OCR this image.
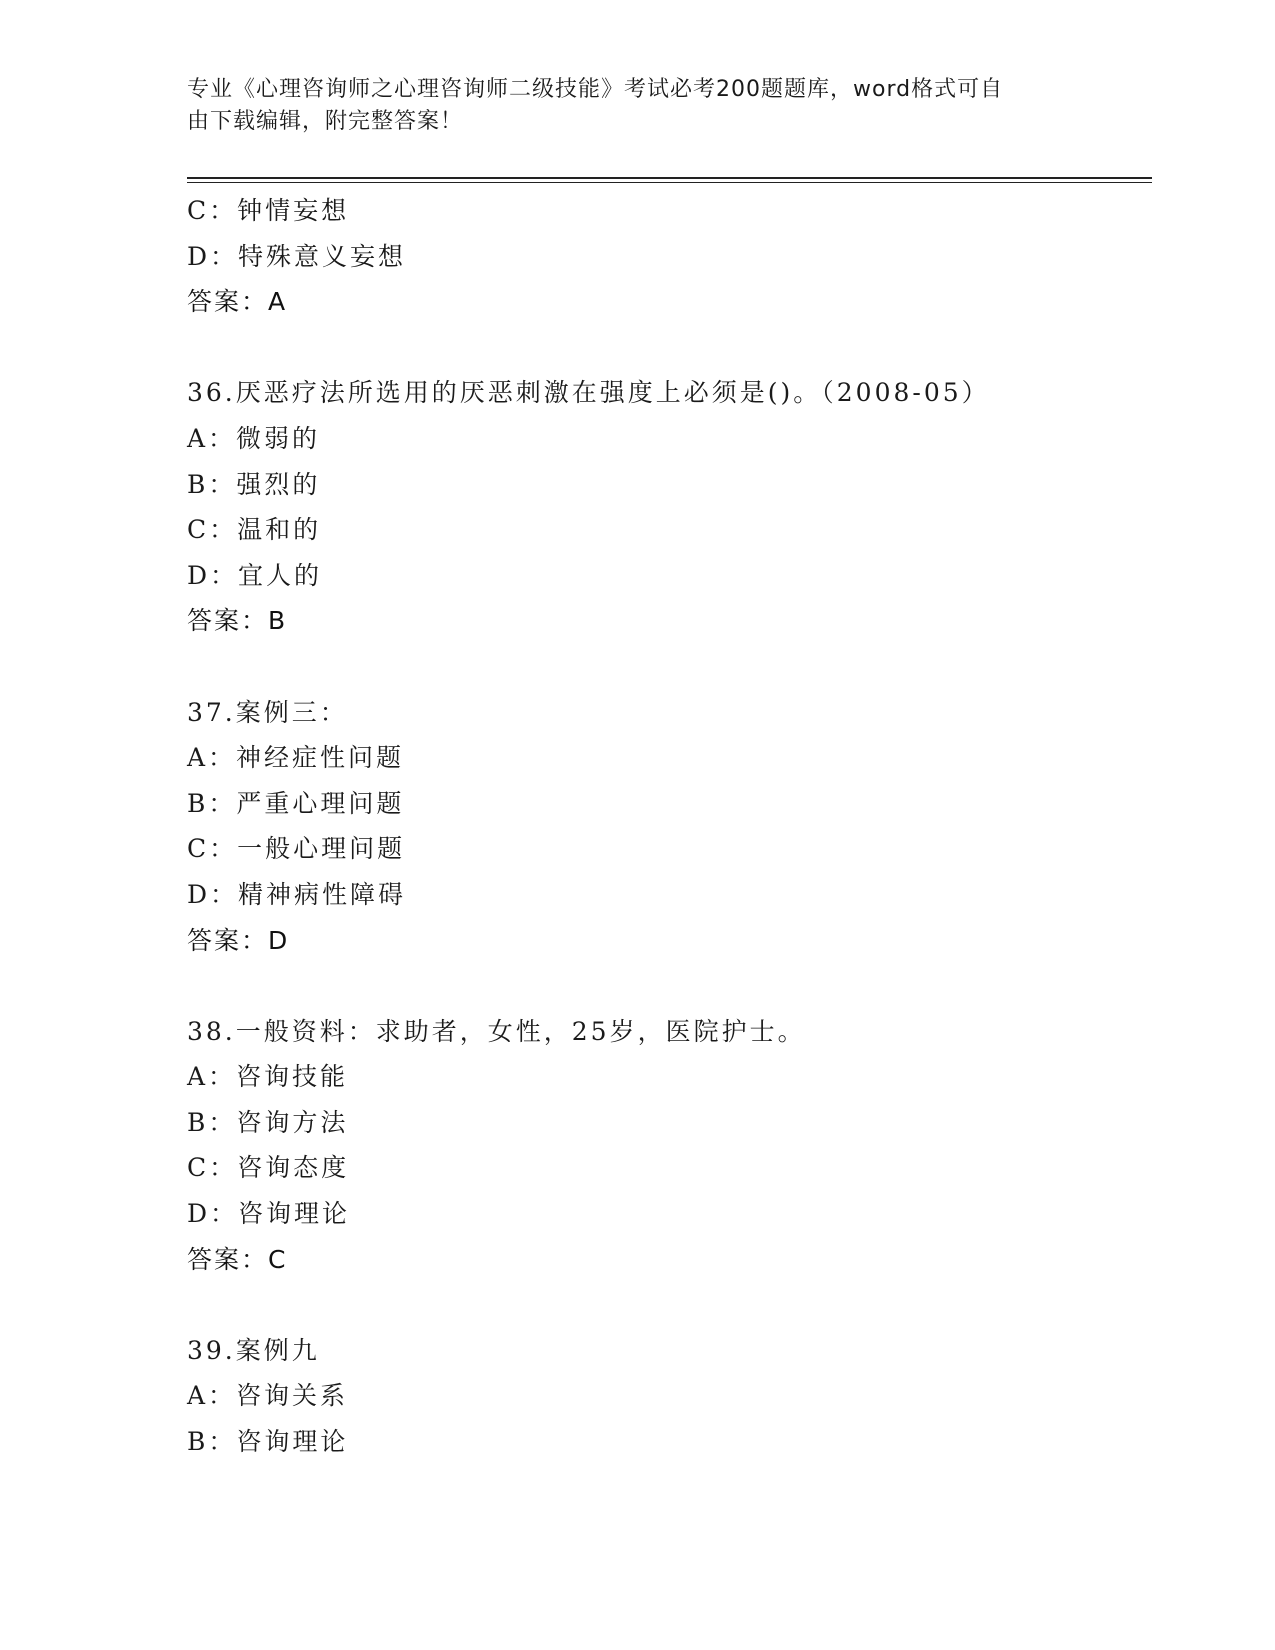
专业《心理咨询师之心理咨询师二级技能》考试必考200题题库，word格式可自
由下载编辑，附完整答案！
C：钟情妄想
D：特殊意义妄想
答案：A
36.厌恶疗法所选用的厌恶刺激在强度上必须是()。（2008-05）
A：微弱的
B：强烈的
C：温和的
D：宜人的
答案：B
37.案例三：
A：神经症性问题
B：严重心理问题
C：一般心理问题
D：精神病性障碍
答案：D
38.一般资料：求助者，女性，25岁，医院护士。
A：咨询技能
B：咨询方法
C：咨询态度
D：咨询理论
答案：C
39.案例九
A：咨询关系
B：咨询理论
